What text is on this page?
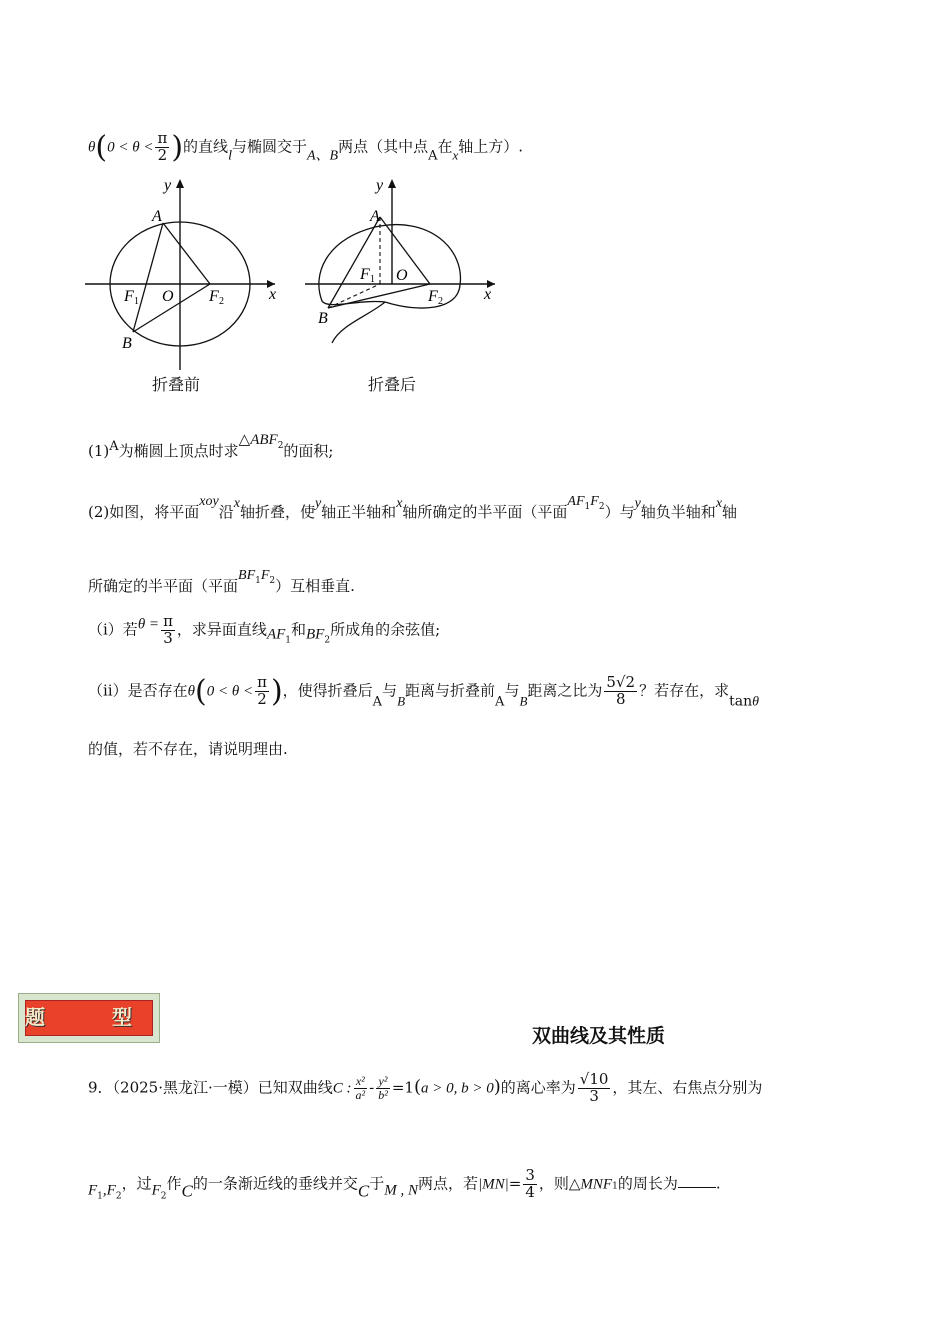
$\theta(0 < \theta < \frac{\pi}{2}$ )的直线l与椭圆交于A、B两点（其中点A在x轴上方）.
y
x
A
B
F 1 O F 2
折叠前
y
x
A
B
F 1 O
F 2
折叠后
(1)A为椭圆上顶点时求△ABF$^2$的面积;
(2)如图，将平面xoy沿x轴折叠，使y轴正半轴和x轴所确定的半平面（平面$AF^1F^2$）与y轴负半轴和x轴
所确定的半平面（平面$BF^1F^2$）互相垂直.
（ⅰ）若$\theta = \frac{\pi}{3}$ ，求异面直线$AF_1$和$BF_2$所成角的余弦值;
（ⅱ）是否存在$\theta(0 < \theta < \frac{\pi}{2}$ )，使得折叠后A与B距离与折叠前A与B距离之比为 $\frac{5√2}{8}$ ？若存在，求tanθ
的值，若不存在，请说明理由.
题 型
双曲线及其性质
9．（2025·黑龙江·一模）已知双曲线C : $\frac{\text{x²}}{\text{a²}} - \frac{\text{y²}}{\text{b²}} =1(a > 0$, b > 0)的离心率为 $\frac{√10}{3}$ ，其左、右焦点分别为
$F_1,F_2$，过$F_2$作C的一条渐近线的垂线并交C于M , N两点，若$|MN|= \frac{3}{4}$ ，则△MNF1的周长为	.
